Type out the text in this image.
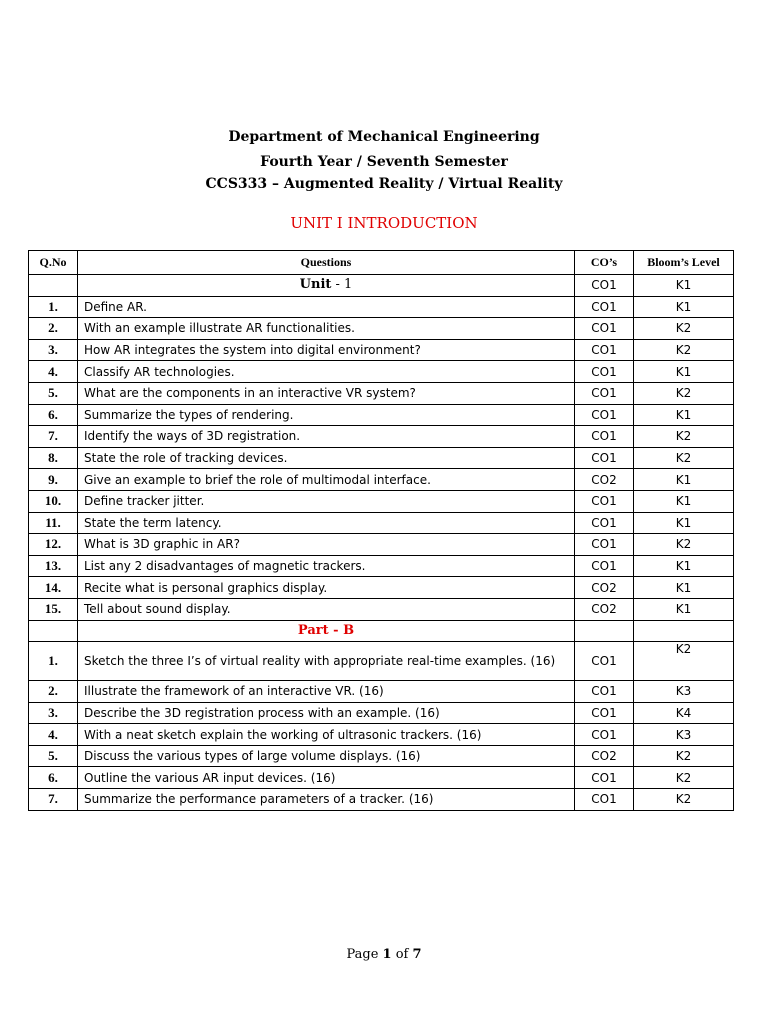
Department of Mechanical Engineering
Fourth Year / Seventh Semester
CCS333 – Augmented Reality / Virtual Reality
UNIT I INTRODUCTION
Q.No	Questions	CO’s	Bloom’s Level
	Unit - 1	CO1	K1
1.	Define AR.	CO1	K1
2.	With an example illustrate AR functionalities.	CO1	K2
3.	How AR integrates the system into digital environment?	CO1	K2
4.	Classify AR technologies.	CO1	K1
5.	What are the components in an interactive VR system?	CO1	K2
6.	Summarize the types of rendering.	CO1	K1
7.	Identify the ways of 3D registration.	CO1	K2
8.	State the role of tracking devices.	CO1	K2
9.	Give an example to brief the role of multimodal interface.	CO2	K1
10.	Define tracker jitter.	CO1	K1
11.	State the term latency.	CO1	K1
12.	What is 3D graphic in AR?	CO1	K2
13.	List any 2 disadvantages of magnetic trackers.	CO1	K1
14.	Recite what is personal graphics display.	CO2	K1
15.	Tell about sound display.	CO2	K1
	Part - B		
1.	Sketch the three I’s of virtual reality with appropriate real-time examples. (16)	CO1	K2
2.	Illustrate the framework of an interactive VR. (16)	CO1	K3
3.	Describe the 3D registration process with an example. (16)	CO1	K4
4.	With a neat sketch explain the working of ultrasonic trackers. (16)	CO1	K3
5.	Discuss the various types of large volume displays. (16)	CO2	K2
6.	Outline the various AR input devices. (16)	CO1	K2
7.	Summarize the performance parameters of a tracker. (16)	CO1	K2
Page 1 of 7
